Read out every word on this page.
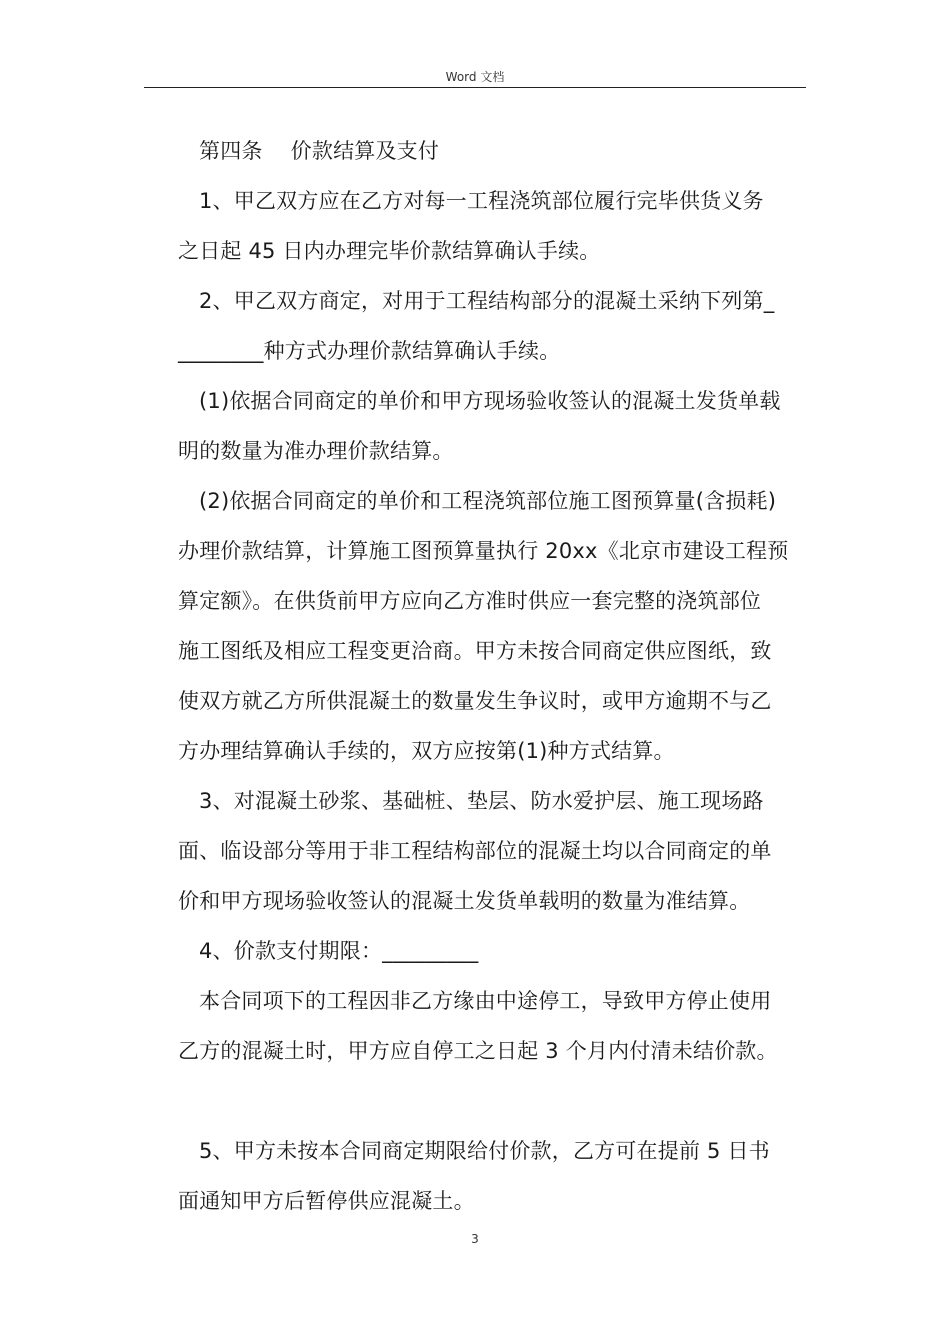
Word 文档

第四条　 价款结算及支付

1、甲乙双方应在乙方对每一工程浇筑部位履行完毕供货义务

之日起 45 日内办理完毕价款结算确认手续。

2、甲乙双方商定，对用于工程结构部分的混凝土采纳下列第_

________种方式办理价款结算确认手续。

(1)依据合同商定的单价和甲方现场验收签认的混凝土发货单载

明的数量为准办理价款结算。

(2)依据合同商定的单价和工程浇筑部位施工图预算量(含损耗)

办理价款结算，计算施工图预算量执行 20xx《北京市建设工程预

算定额》。在供货前甲方应向乙方准时供应一套完整的浇筑部位

施工图纸及相应工程变更洽商。甲方未按合同商定供应图纸，致

使双方就乙方所供混凝土的数量发生争议时，或甲方逾期不与乙

方办理结算确认手续的，双方应按第(1)种方式结算。

3、对混凝土砂浆、基础桩、垫层、防水爱护层、施工现场路

面、临设部分等用于非工程结构部位的混凝土均以合同商定的单

价和甲方现场验收签认的混凝土发货单载明的数量为准结算。

4、价款支付期限：_________

本合同项下的工程因非乙方缘由中途停工，导致甲方停止使用

乙方的混凝土时，甲方应自停工之日起 3 个月内付清未结价款。

5、甲方未按本合同商定期限给付价款，乙方可在提前 5 日书

面通知甲方后暂停供应混凝土。

3
